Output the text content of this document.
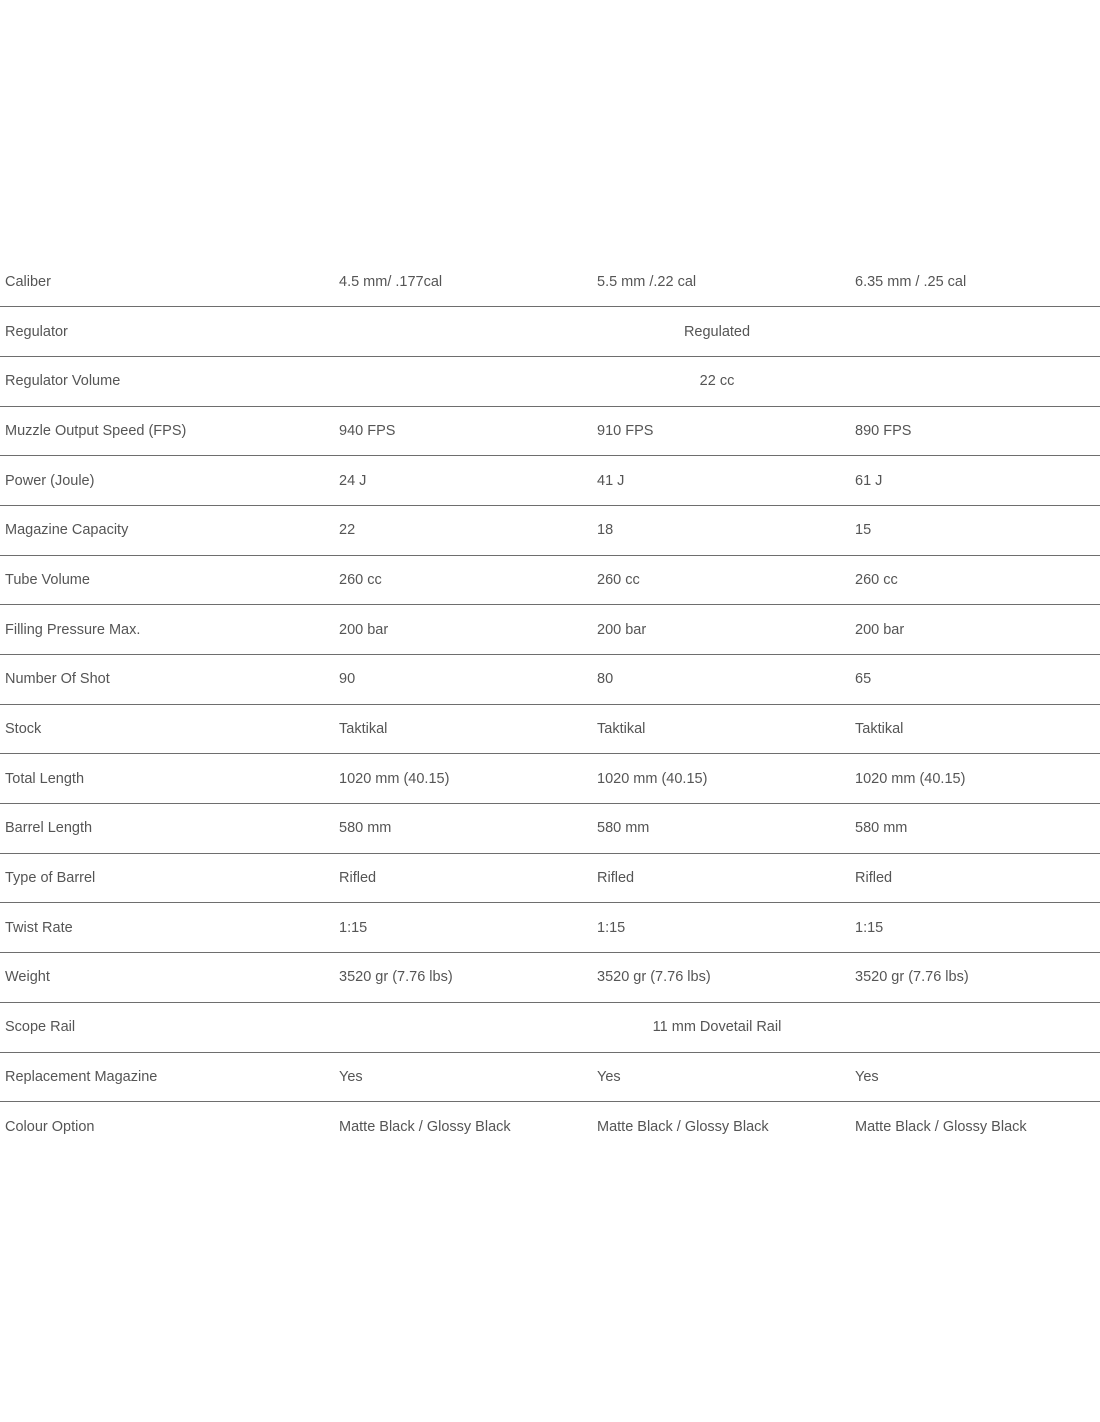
Caliber	4.5 mm/ .177cal	5.5 mm /.22 cal	6.35 mm / .25 cal
Regulator	Regulated		
Regulator Volume	22 cc		
Muzzle Output Speed (FPS)	940 FPS	910 FPS	890 FPS
Power (Joule)	24 J	41 J	61 J
Magazine Capacity	22	18	15
Tube Volume	260 cc	260 cc	260 cc
Filling Pressure Max.	200 bar	200 bar	200 bar
Number Of Shot	90	80	65
Stock	Taktikal	Taktikal	Taktikal
Total Length	1020 mm (40.15)	1020 mm (40.15)	1020 mm (40.15)
Barrel Length	580 mm	580 mm	580 mm
Type of Barrel	Rifled	Rifled	Rifled
Twist Rate	1:15	1:15	1:15
Weight	3520 gr (7.76 lbs)	3520 gr (7.76 lbs)	3520 gr (7.76 lbs)
Scope Rail	11 mm Dovetail Rail		
Replacement Magazine	Yes	Yes	Yes
Colour Option	Matte Black / Glossy Black	Matte Black / Glossy Black	Matte Black / Glossy Black
